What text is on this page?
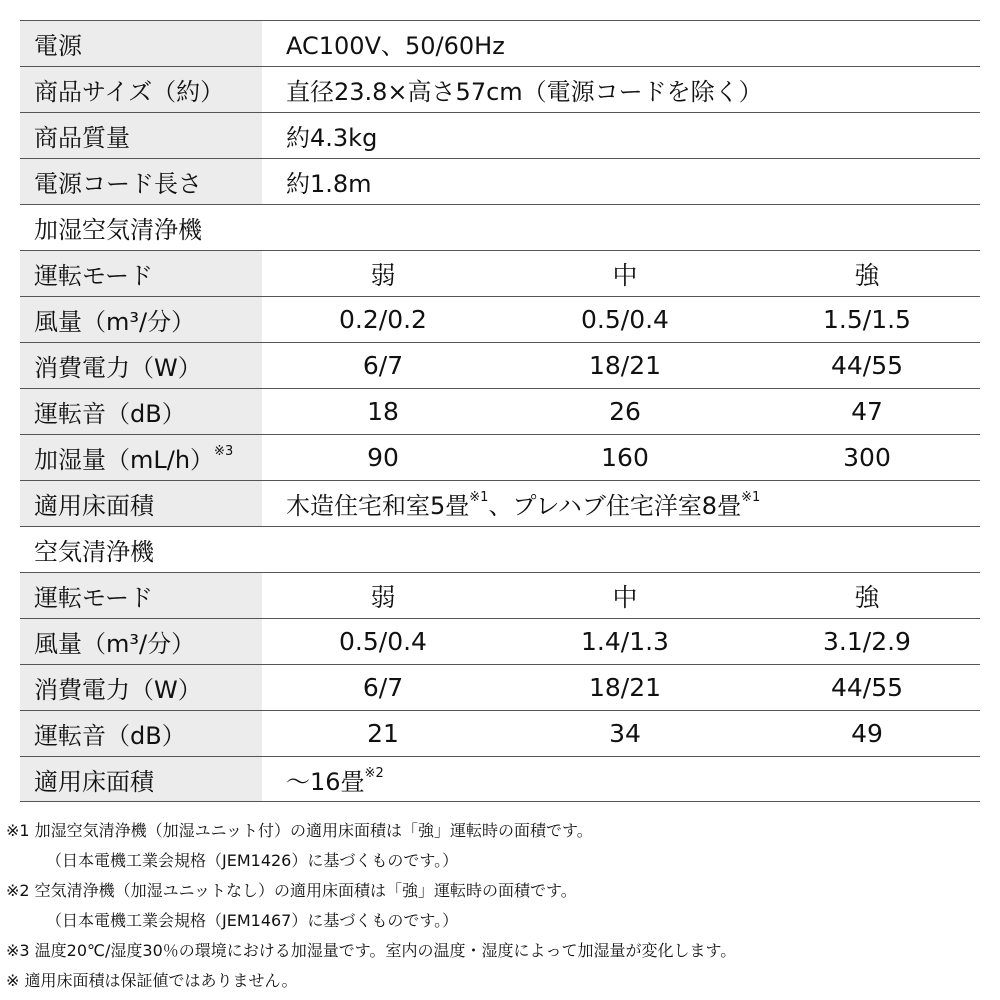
電源	AC100V、50/60Hz
商品サイズ（約）	直径23.8×高さ57cm（電源コードを除く）
商品質量	約4.3kg
電源コード長さ	約1.8m
加湿空気清浄機
運転モード	弱	中	強
風量（m³/分）	0.2/0.2	0.5/0.4	1.5/1.5
消費電力（W）	6/7	18/21	44/55
運転音（dB）	18	26	47
加湿量$(mL/h)^{※3}$	90	160	300
適用床面積	木造住宅和室5畳$^{※1}$ 、プレハブ住宅洋室8畳$^{※1}$
空気清浄機
運転モード	弱	中	強
風量（m³/分）	0.5/0.4	1.4/1.3	3.1/2.9
消費電力（W）	6/7	18/21	44/55
運転音（dB）	21	34	49
適用床面積	～16畳$^{※2}$
※1 加湿空気清浄機（加湿ユニット付）の適用床面積は「強」運転時の面積です。
（日本電機工業会規格（JEM1426）に基づくものです。）
※2 空気清浄機（加湿ユニットなし）の適用床面積は「強」運転時の面積です。
（日本電機工業会規格（JEM1467）に基づくものです。）
※3 温度20℃/湿度30％の環境における加湿量です。室内の温度・湿度によって加湿量が変化します。
※ 適用床面積は保証値ではありません。
